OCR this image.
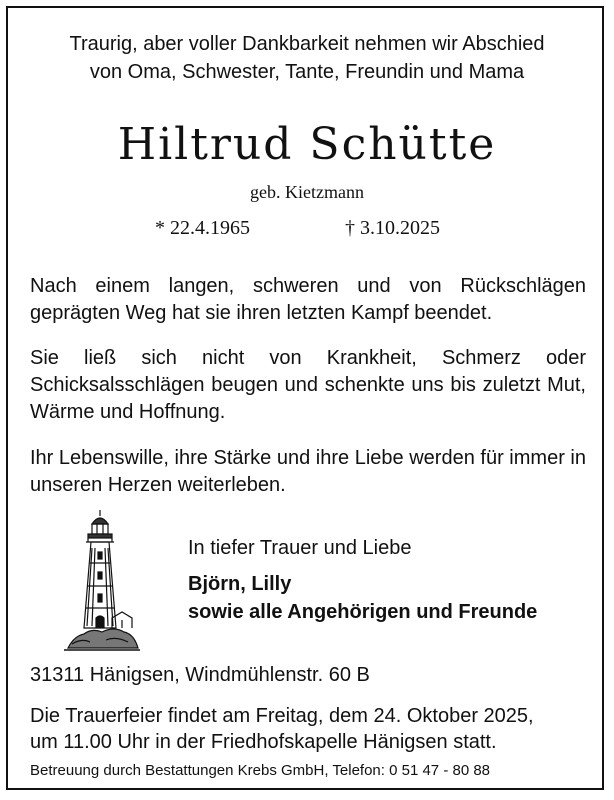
Traurig, aber voller Dankbarkeit nehmen wir Abschied
von Oma, Schwester, Tante, Freundin und Mama
Hiltrud Schütte
geb. Kietzmann
* 22.4.1965	† 3.10.2025
Nach einem langen, schweren und von Rückschlägen geprägten Weg hat sie ihren letzten Kampf beendet.
Sie ließ sich nicht von Krankheit, Schmerz oder Schicksalsschlägen beugen und schenkte uns bis zuletzt Mut, Wärme und Hoffnung.
Ihr Lebenswille, ihre Stärke und ihre Liebe werden für immer in unseren Herzen weiterleben.
In tiefer Trauer und Liebe
Björn, Lilly
sowie alle Angehörigen und Freunde
31311 Hänigsen, Windmühlenstr. 60 B
Die Trauerfeier findet am Freitag, dem 24. Oktober 2025,
um 11.00 Uhr in der Friedhofskapelle Hänigsen statt.
Betreuung durch Bestattungen Krebs GmbH, Telefon: 0 51 47 - 80 88
